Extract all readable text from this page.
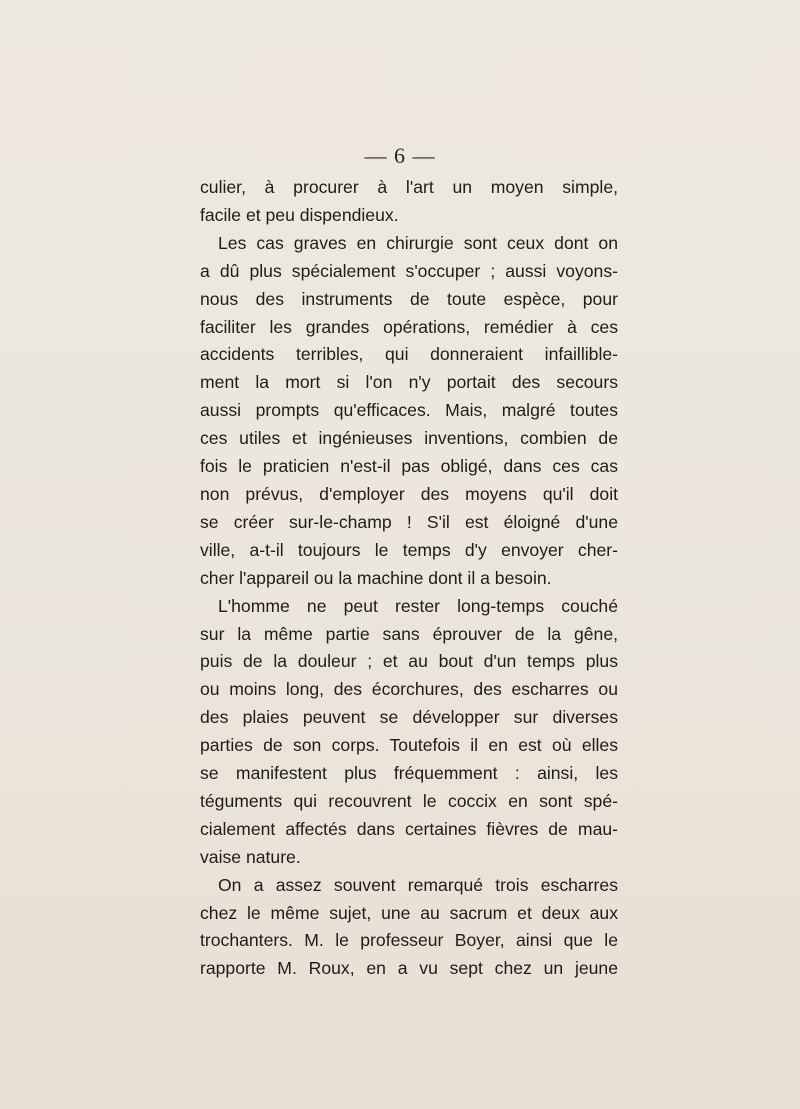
— 6 —
culier, à procurer à l'art un moyen simple,
facile et peu dispendieux.
Les cas graves en chirurgie sont ceux dont on
a dû plus spécialement s'occuper ; aussi voyons-
nous des instruments de toute espèce, pour
faciliter les grandes opérations, remédier à ces
accidents terribles, qui donneraient infaillible-
ment la mort si l'on n'y portait des secours
aussi prompts qu'efficaces. Mais, malgré toutes
ces utiles et ingénieuses inventions, combien de
fois le praticien n'est-il pas obligé, dans ces cas
non prévus, d'employer des moyens qu'il doit
se créer sur-le-champ ! S'il est éloigné d'une
ville, a-t-il toujours le temps d'y envoyer cher-
cher l'appareil ou la machine dont il a besoin.
L'homme ne peut rester long-temps couché
sur la même partie sans éprouver de la gêne,
puis de la douleur ; et au bout d'un temps plus
ou moins long, des écorchures, des escharres ou
des plaies peuvent se développer sur diverses
parties de son corps. Toutefois il en est où elles
se manifestent plus fréquemment : ainsi, les
téguments qui recouvrent le coccix en sont spé-
cialement affectés dans certaines fièvres de mau-
vaise nature.
On a assez souvent remarqué trois escharres
chez le même sujet, une au sacrum et deux aux
trochanters. M. le professeur Boyer, ainsi que le
rapporte M. Roux, en a vu sept chez un jeune
